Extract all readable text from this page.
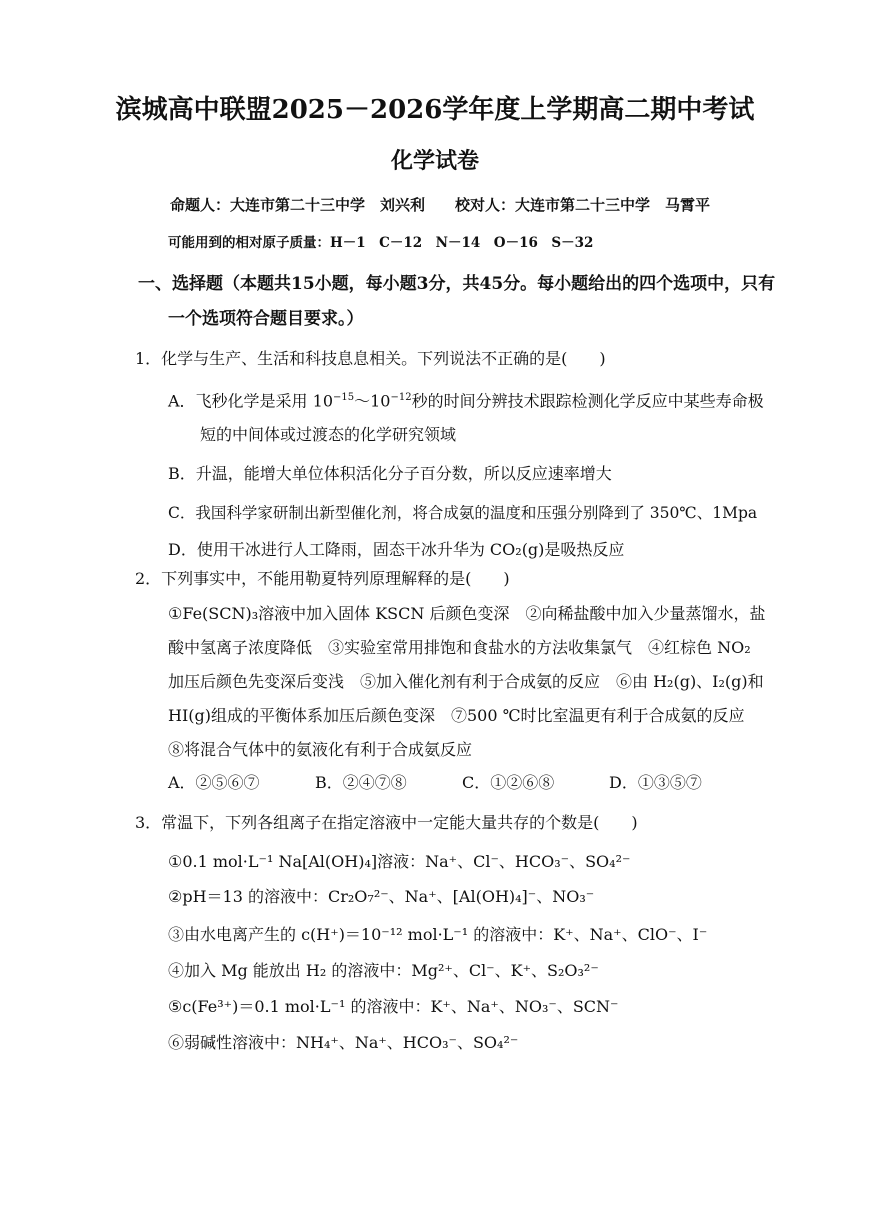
滨城高中联盟2025－2026学年度上学期高二期中考试
化学试卷
命题人：大连市第二十三中学　刘兴利　　校对人：大连市第二十三中学　马霄平
可能用到的相对原子质量：H－1　C－12　N－14　O－16　S－32
一、选择题（本题共15小题，每小题3分，共45分。每小题给出的四个选项中，只有
一个选项符合题目要求。）
1．化学与生产、生活和科技息息相关。下列说法不正确的是(　　)
A．飞秒化学是采用 $10^{-15}\sim 10^{-12}$秒的时间分辨技术跟踪检测化学反应中某些寿命极
短的中间体或过渡态的化学研究领域
B．升温，能增大单位体积活化分子百分数，所以反应速率增大
C．我国科学家研制出新型催化剂，将合成氨的温度和压强分别降到了 350℃、1Mpa
D．使用干冰进行人工降雨，固态干冰升华为 CO₂(g)是吸热反应
2．下列事实中，不能用勒夏特列原理解释的是(　　)
①Fe(SCN)₃溶液中加入固体 KSCN 后颜色变深　②向稀盐酸中加入少量蒸馏水，盐
酸中氢离子浓度降低　③实验室常用排饱和食盐水的方法收集氯气　④红棕色 NO₂
加压后颜色先变深后变浅　⑤加入催化剂有利于合成氨的反应　⑥由 H₂(g)、I₂(g)和
HI(g)组成的平衡体系加压后颜色变深　⑦500 ℃时比室温更有利于合成氨的反应
⑧将混合气体中的氨液化有利于合成氨反应
A．②⑤⑥⑦	B．②④⑦⑧	C．①②⑥⑧	D．①③⑤⑦
3．常温下，下列各组离子在指定溶液中一定能大量共存的个数是(　　)
①0.1 mol·L⁻¹ Na[Al(OH)₄]溶液：Na⁺、Cl⁻、HCO₃⁻、SO₄²⁻
②pH＝13 的溶液中：Cr₂O₇²⁻、Na⁺、[Al(OH)₄]⁻、NO₃⁻
③由水电离产生的 c(H⁺)＝10⁻¹² mol·L⁻¹ 的溶液中：K⁺、Na⁺、ClO⁻、I⁻
④加入 Mg 能放出 H₂ 的溶液中：Mg²⁺、Cl⁻、K⁺、S₂O₃²⁻
⑤c(Fe³⁺)＝0.1 mol·L⁻¹ 的溶液中：K⁺、Na⁺、NO₃⁻、SCN⁻
⑥弱碱性溶液中：NH₄⁺、Na⁺、HCO₃⁻、SO₄²⁻
